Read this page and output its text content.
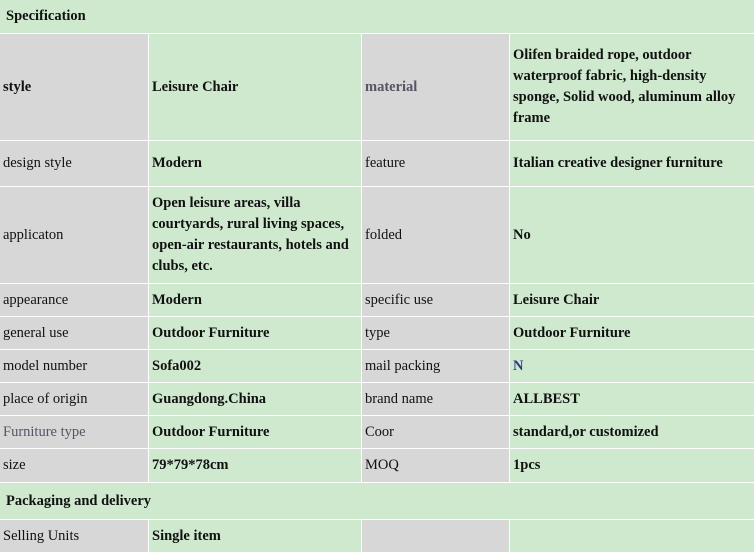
Specification			
style	Leisure Chair	material	Olifen braided rope, outdoor waterproof fabric, high-density sponge, Solid wood, aluminum alloy frame
design style	Modern	feature	Italian creative designer furniture
applicaton	Open leisure areas, villa courtyards, rural living spaces, open-air restaurants, hotels and clubs, etc.	folded	No
appearance	Modern	specific use	Leisure Chair
general use	Outdoor Furniture	type	Outdoor Furniture
model number	Sofa002	mail packing	N
place of origin	Guangdong.China	brand name	ALLBEST
Furniture type	Outdoor Furniture	Coor	standard,or customized
size	79*79*78cm	MOQ	1pcs
Packaging and delivery			
Selling Units	Single item		
